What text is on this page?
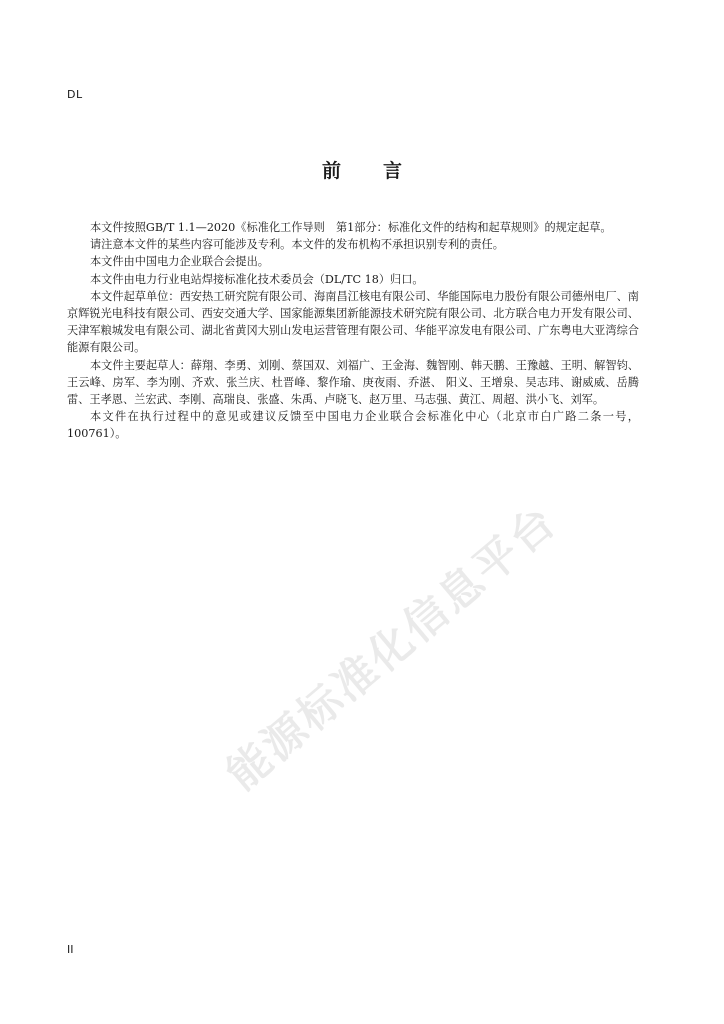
DL
前 言

本文件按照GB/T 1.1—2020《标准化工作导则　第1部分：标准化文件的结构和起草规则》的规定起草。

请注意本文件的某些内容可能涉及专利。本文件的发布机构不承担识别专利的责任。

本文件由中国电力企业联合会提出。

本文件由电力行业电站焊接标准化技术委员会（DL/TC 18）归口。

本文件起草单位：西安热工研究院有限公司、海南昌江核电有限公司、华能国际电力股份有限公司德州电厂、南京辉锐光电科技有限公司、西安交通大学、国家能源集团新能源技术研究院有限公司、北方联合电力开发有限公司、天津军粮城发电有限公司、湖北省黄冈大别山发电运营管理有限公司、华能平凉发电有限公司、广东粤电大亚湾综合能源有限公司。

本文件主要起草人：薛翔、李勇、刘刚、蔡国双、刘福广、王金海、魏智刚、韩天鹏、王豫越、王明、解智钧、王云峰、房军、李为刚、齐欢、张兰庆、杜晋峰、黎作瑜、庚夜雨、乔湛、 阳义、王增泉、吴志玮、谢威威、岳腾雷、王孝恩、兰宏武、李刚、高瑞良、张盛、朱禹、卢晓飞、赵万里、马志强、黄江、周超、洪小飞、刘军。

本文件在执行过程中的意见或建议反馈至中国电力企业联合会标准化中心（北京市白广路二条一号，100761）。

能源标准化信息平台
II
